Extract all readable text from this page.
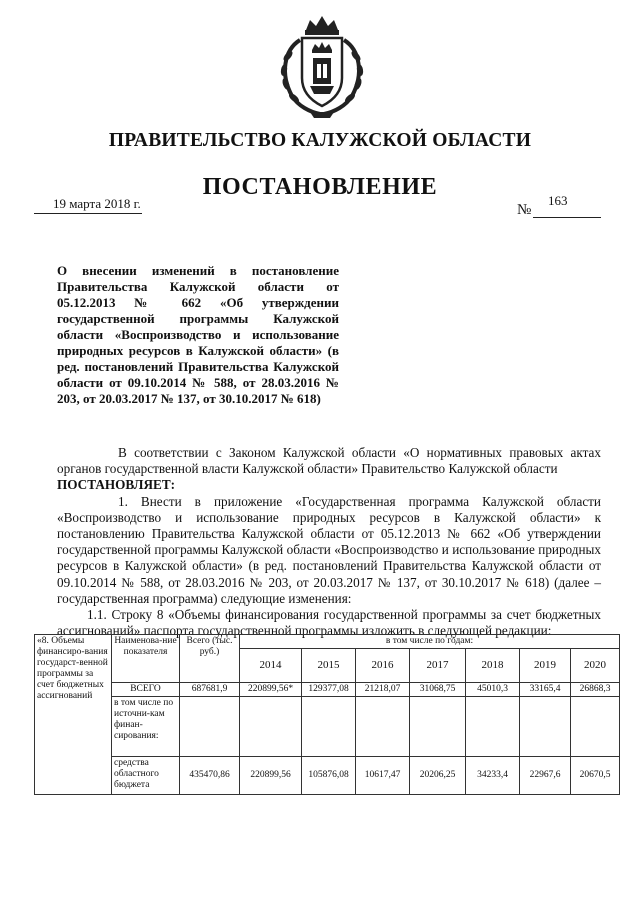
ПРАВИТЕЛЬСТВО КАЛУЖСКОЙ ОБЛАСТИ
ПОСТАНОВЛЕНИЕ
19 марта 2018 г.	№
163
О внесении изменений в постановление Правительства Калужской области от 05.12.2013 № 662 «Об утверждении государственной программы Калужской области «Воспроизводство и использование природных ресурсов в Калужской области» (в ред. постановлений Правительства Калужской области от 09.10.2014 № 588, от 28.03.2016 № 203, от 20.03.2017 № 137, от 30.10.2017 № 618)

В соответствии с Законом Калужской области «О нормативных правовых актах органов государственной власти Калужской области» Правительство Калужской области

ПОСТАНОВЛЯЕТ:

1. Внести в приложение «Государственная программа Калужской области «Воспроизводство и использование природных ресурсов в Калужской области» к постановлению Правительства Калужской области от 05.12.2013 № 662 «Об утверждении государственной программы Калужской области «Воспроизводство и использование природных ресурсов в Калужской области» (в ред. постановлений Правительства Калужской области от 09.10.2014 № 588, от 28.03.2016 № 203, от 20.03.2017 № 137, от 30.10.2017 № 618) (далее – государственная программа) следующие изменения:

1.1. Строку 8 «Объемы финансирования государственной программы за счет бюджетных ассигнований» паспорта государственной программы изложить в следующей редакции:

«8. Объемы финансиро-вания государст-венной программы за счет бюджетных ассигнований	Наименова-ние показателя	Всего (тыс. руб.)	в том числе по годам:						
			2014	2015	2016	2017	2018	2019	2020
	ВСЕГО	687681,9	220899,56*	129377,08	21218,07	31068,75	45010,3	33165,4	26868,3
	в том числе по источни-кам финан-сирования:								
	средства областного бюджета	435470,86	220899,56	105876,08	10617,47	20206,25	34233,4	22967,6	20670,5
